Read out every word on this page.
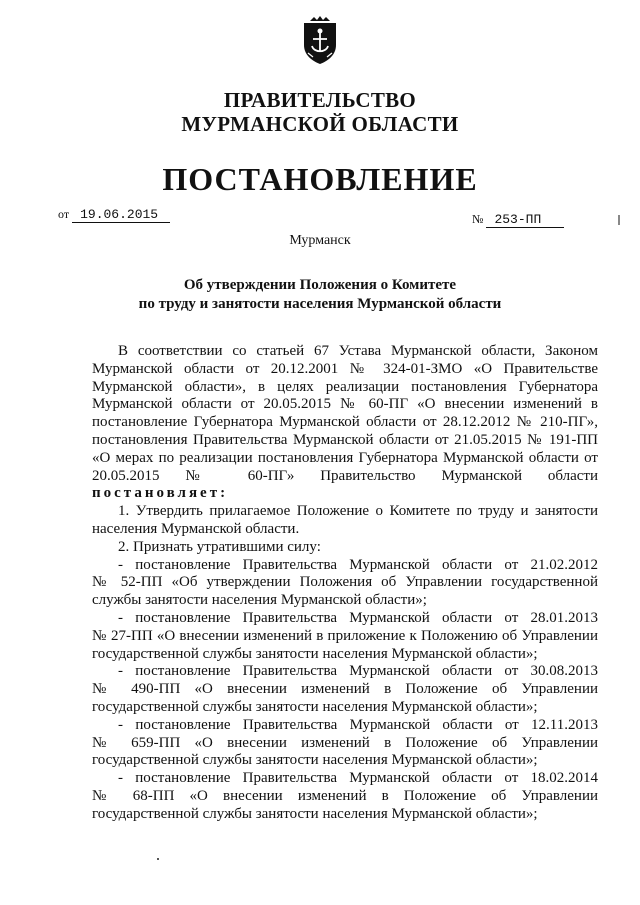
ПРАВИТЕЛЬСТВО
МУРМАНСКОЙ ОБЛАСТИ
ПОСТАНОВЛЕНИЕ
от 19.06.2015	№ 253-ПП
Мурманск
Об утверждении Положения о Комитете
по труду и занятости населения Мурманской области

В соответствии со статьей 67 Устава Мурманской области, Законом

Мурманской области от 20.12.2001 № 324-01-ЗМО «О Правительстве

Мурманской области», в целях реализации постановления Губернатора

Мурманской области от 20.05.2015 № 60-ПГ «О внесении изменений в

постановление Губернатора Мурманской области от 28.12.2012 № 210-ПГ»,

постановления Правительства Мурманской области от 21.05.2015 № 191-ПП

«О мерах по реализации постановления Губернатора Мурманской области от

20.05.2015 № 60-ПГ» Правительство Мурманской области

постановляет:

1. Утвердить прилагаемое Положение о Комитете по труду и занятости

населения Мурманской области.

2. Признать утратившими силу:

- постановление Правительства Мурманской области от 21.02.2012

№ 52-ПП «Об утверждении Положения об Управлении государственной службы занятости населения Мурманской области»;

- постановление Правительства Мурманской области от 28.01.2013

№ 27-ПП «О внесении изменений в приложение к Положению об Управлении государственной службы занятости населения Мурманской области»;

- постановление Правительства Мурманской области от 30.08.2013

№ 490-ПП «О внесении изменений в Положение об Управлении государственной службы занятости населения Мурманской области»;

- постановление Правительства Мурманской области от 12.11.2013

№ 659-ПП «О внесении изменений в Положение об Управлении государственной службы занятости населения Мурманской области»;

- постановление Правительства Мурманской области от 18.02.2014

№ 68-ПП «О внесении изменений в Положение об Управлении государственной службы занятости населения Мурманской области»;
